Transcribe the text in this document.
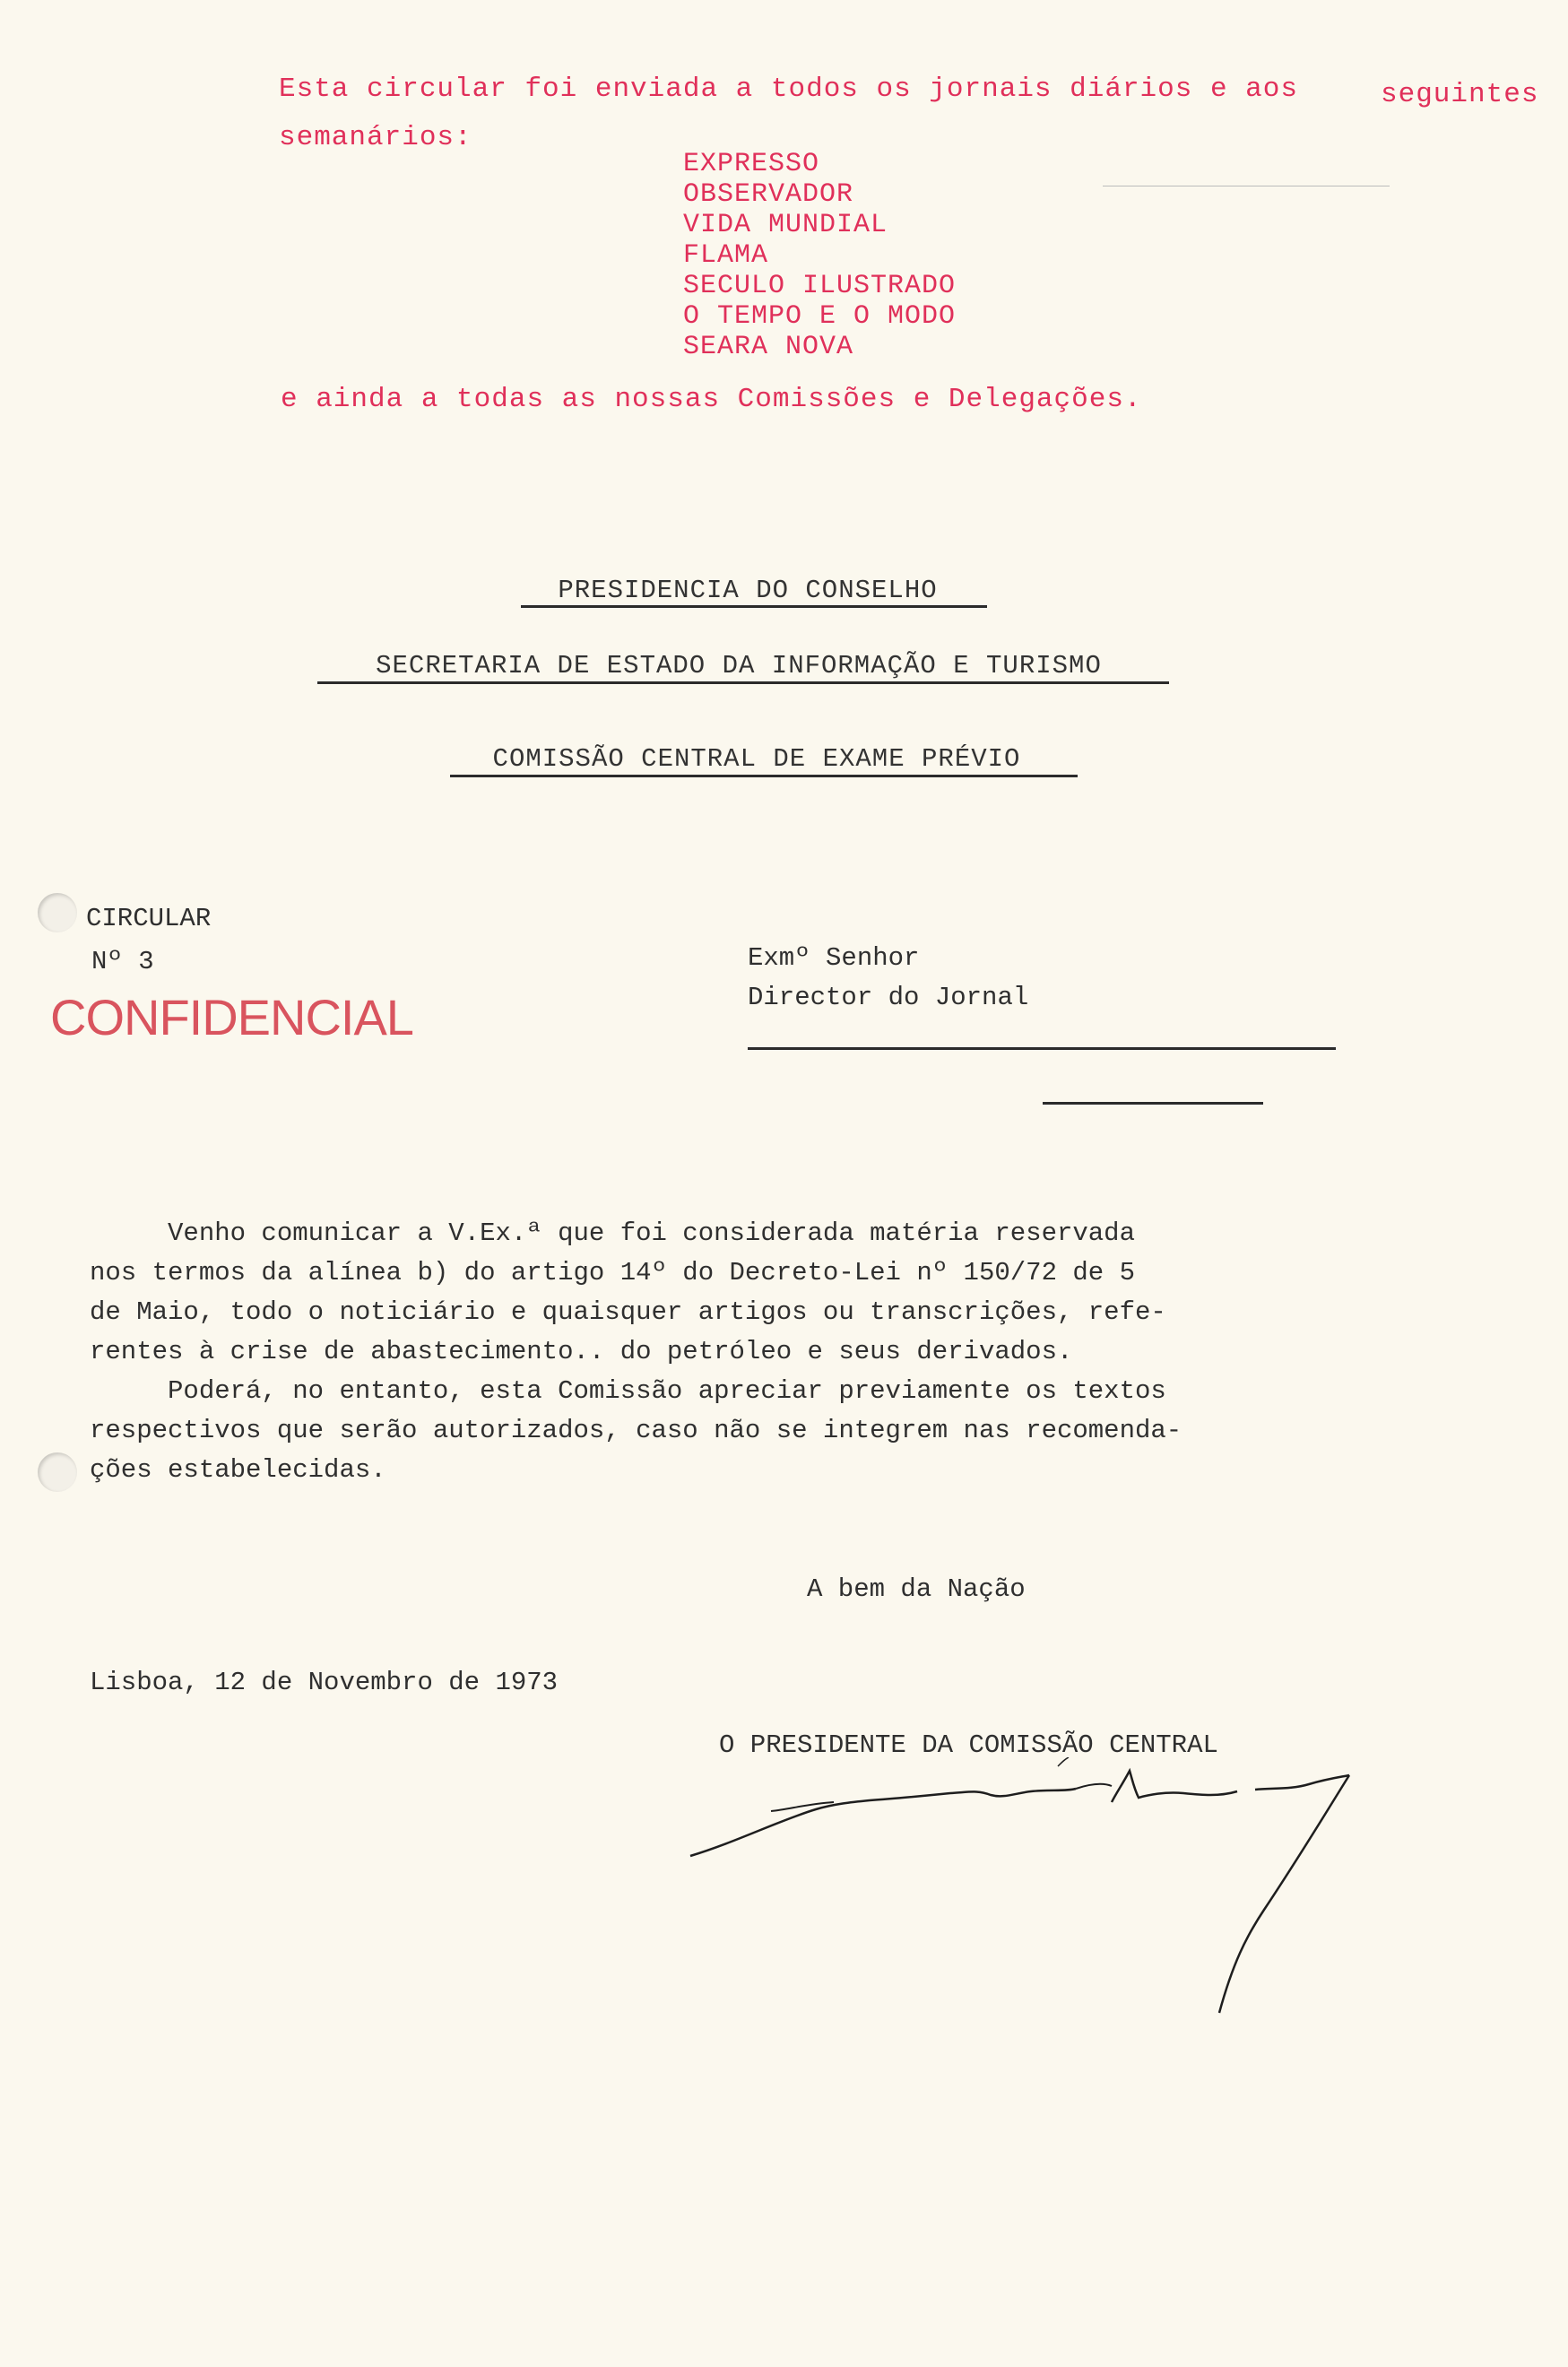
Esta circular foi enviada a todos os jornais diários e aos	seguintes
semanários:
EXPRESSO
OBSERVADOR
VIDA MUNDIAL
FLAMA
SECULO ILUSTRADO
O TEMPO E O MODO
SEARA NOVA
e ainda a todas as nossas Comissões e Delegações.
PRESIDENCIA DO CONSELHO
SECRETARIA DE ESTADO DA INFORMAÇÃO E TURISMO
COMISSÃO CENTRAL DE EXAME PRÉVIO
CIRCULAR
Nº 3
CONFIDENCIAL
Exmº Senhor
Director do Jornal
Venho comunicar a V.Ex.ª que foi considerada matéria reservada
nos termos da alínea b) do artigo 14º do Decreto-Lei nº 150/72 de 5
de Maio, todo o noticiário e quaisquer artigos ou transcrições, refe-
rentes à crise de abastecimento.. do petróleo e seus derivados.
Poderá, no entanto, esta Comissão apreciar previamente os textos
respectivos que serão autorizados, caso não se integrem nas recomenda-
ções estabelecidas.
A bem da Nação
Lisboa, 12 de Novembro de 1973
O PRESIDENTE DA COMISSÃO CENTRAL
